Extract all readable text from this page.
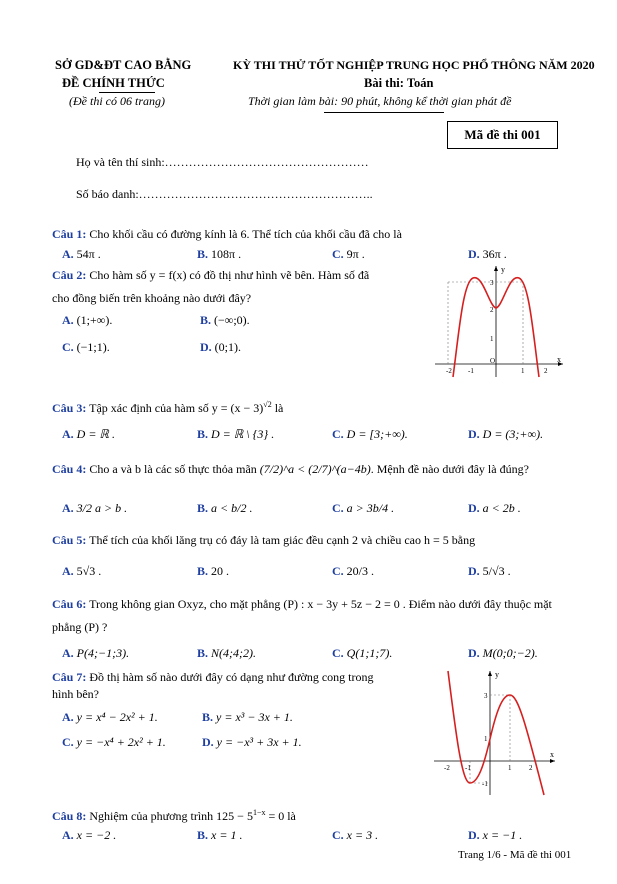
SỞ GD&ĐT CAO BẰNG
ĐỀ CHÍNH THỨC
(Đề thi có 06 trang)
KỲ THI THỬ TỐT NGHIỆP TRUNG HỌC PHỔ THÔNG NĂM 2020
Bài thi: Toán
Thời gian làm bài: 90 phút, không kể thời gian phát đề
Mã đề thi 001
Họ và tên thí sinh:……………………………………………
Số báo danh:…………………………………………………..
Câu 1: Cho khối cầu có đường kính là 6. Thể tích của khối cầu đã cho là
A. 54π .	B. 108π .	C. 9π .	D. 36π .
Câu 2: Cho hàm số y = f(x) có đồ thị như hình vẽ bên. Hàm số đã
cho đồng biến trên khoảng nào dưới đây?
A. (1;+∞).	B. (−∞;0).
C. (−1;1).	D. (0;1).
y
x
-2 -1	1	2
O
1
2
3
Câu 3: Tập xác định của hàm số $y = (x - 3)^{√2}$ là
A. D = ℝ .	B. D = ℝ \ {3} .	C. D = [3;+∞).	D. D = (3;+∞).
Câu 4: Cho a và b là các số thực thỏa mãn (7/2)^a < (2/7)^(a−4b). Mệnh đề nào dưới đây là đúng?
A. 3/2 a > b .	B. a < b/2 .	C. a > 3b/4 .	D. a < 2b .
Câu 5: Thể tích của khối lăng trụ có đáy là tam giác đều cạnh 2 và chiều cao h = 5 bằng
A. 5√3 .	B. 20 .	C. 20/3 .	D. 5/√3 .
Câu 6: Trong không gian Oxyz, cho mặt phẳng (P) : x − 3y + 5z − 2 = 0 . Điểm nào dưới đây thuộc mặt
phẳng (P) ?
A. P(4;−1;3).	B. N(4;4;2).	C. Q(1;1;7).	D. M(0;0;−2).
Câu 7: Đồ thị hàm số nào dưới đây có dạng như đường cong trong
hình bên?
A. y = x⁴ − 2x² + 1.	B. y = x³ − 3x + 1.
C. y = −x⁴ + 2x² + 1.	D. y = −x³ + 3x + 1.
y
x
-2 -1	1	2
3
1
-1
Câu 8: Nghiệm của phương trình $125 - 5^{1-x} = 0$ là
A. x = −2 .	B. x = 1 .	C. x = 3 .	D. x = −1 .
Trang 1/6 - Mã đề thi 001
